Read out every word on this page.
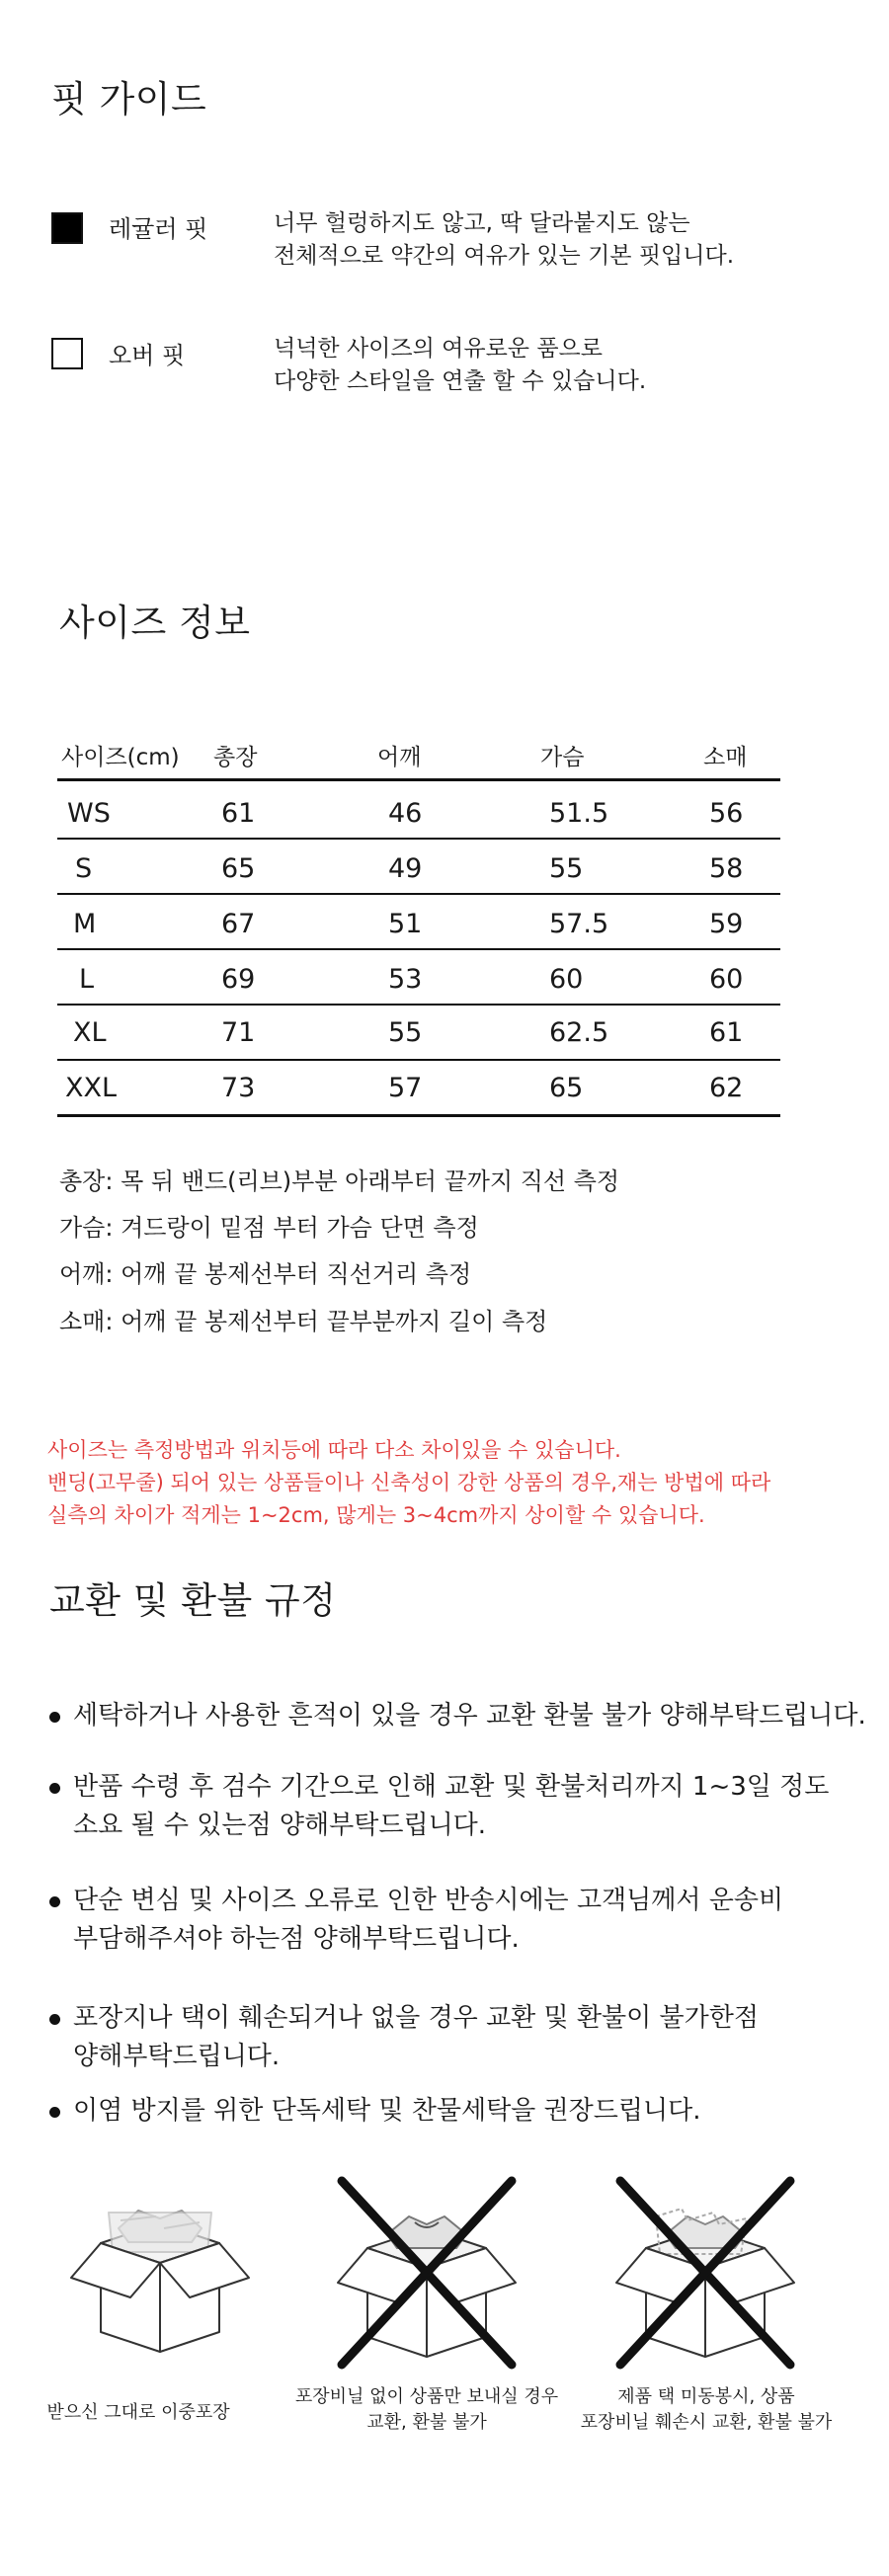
핏 가이드
레귤러 핏	너무 헐렁하지도 않고, 딱 달라붙지도 않는
전체적으로 약간의 여유가 있는 기본 핏입니다.
오버 핏	넉넉한 사이즈의 여유로운 품으로
다양한 스타일을 연출 할 수 있습니다.
사이즈 정보
사이즈(cm) 총장	어깨	가슴	소매
WS	61	46	51.5	56
S	65	49	55	58
M	67	51	57.5	59
L	69	53	60	60
XL	71	55	62.5	61
XXL	73	57	65	62
총장: 목 뒤 밴드(리브)부분 아래부터 끝까지 직선 측정
가슴: 겨드랑이 밑점 부터 가슴 단면 측정
어깨: 어깨 끝 봉제선부터 직선거리 측정
소매: 어깨 끝 봉제선부터 끝부분까지 길이 측정
사이즈는 측정방법과 위치등에 따라 다소 차이있을 수 있습니다.
밴딩(고무줄) 되어 있는 상품들이나 신축성이 강한 상품의 경우,재는 방법에 따라
실측의 차이가 적게는 1~2cm, 많게는 3~4cm까지 상이할 수 있습니다.
교환 및 환불 규정
세탁하거나 사용한 흔적이 있을 경우 교환 환불 불가 양해부탁드립니다.
반품 수령 후 검수 기간으로 인해 교환 및 환불처리까지 1~3일 정도
소요 될 수 있는점 양해부탁드립니다.
단순 변심 및 사이즈 오류로 인한 반송시에는 고객님께서 운송비
부담해주셔야 하는점 양해부탁드립니다.
포장지나 택이 훼손되거나 없을 경우 교환 및 환불이 불가한점
양해부탁드립니다.
이염 방지를 위한 단독세탁 및 찬물세탁을 권장드립니다.
받으신 그대로 이중포장
포장비닐 없이 상품만 보내실 경우
교환, 환불 불가
제품 택 미동봉시, 상품
포장비닐 훼손시 교환, 환불 불가
